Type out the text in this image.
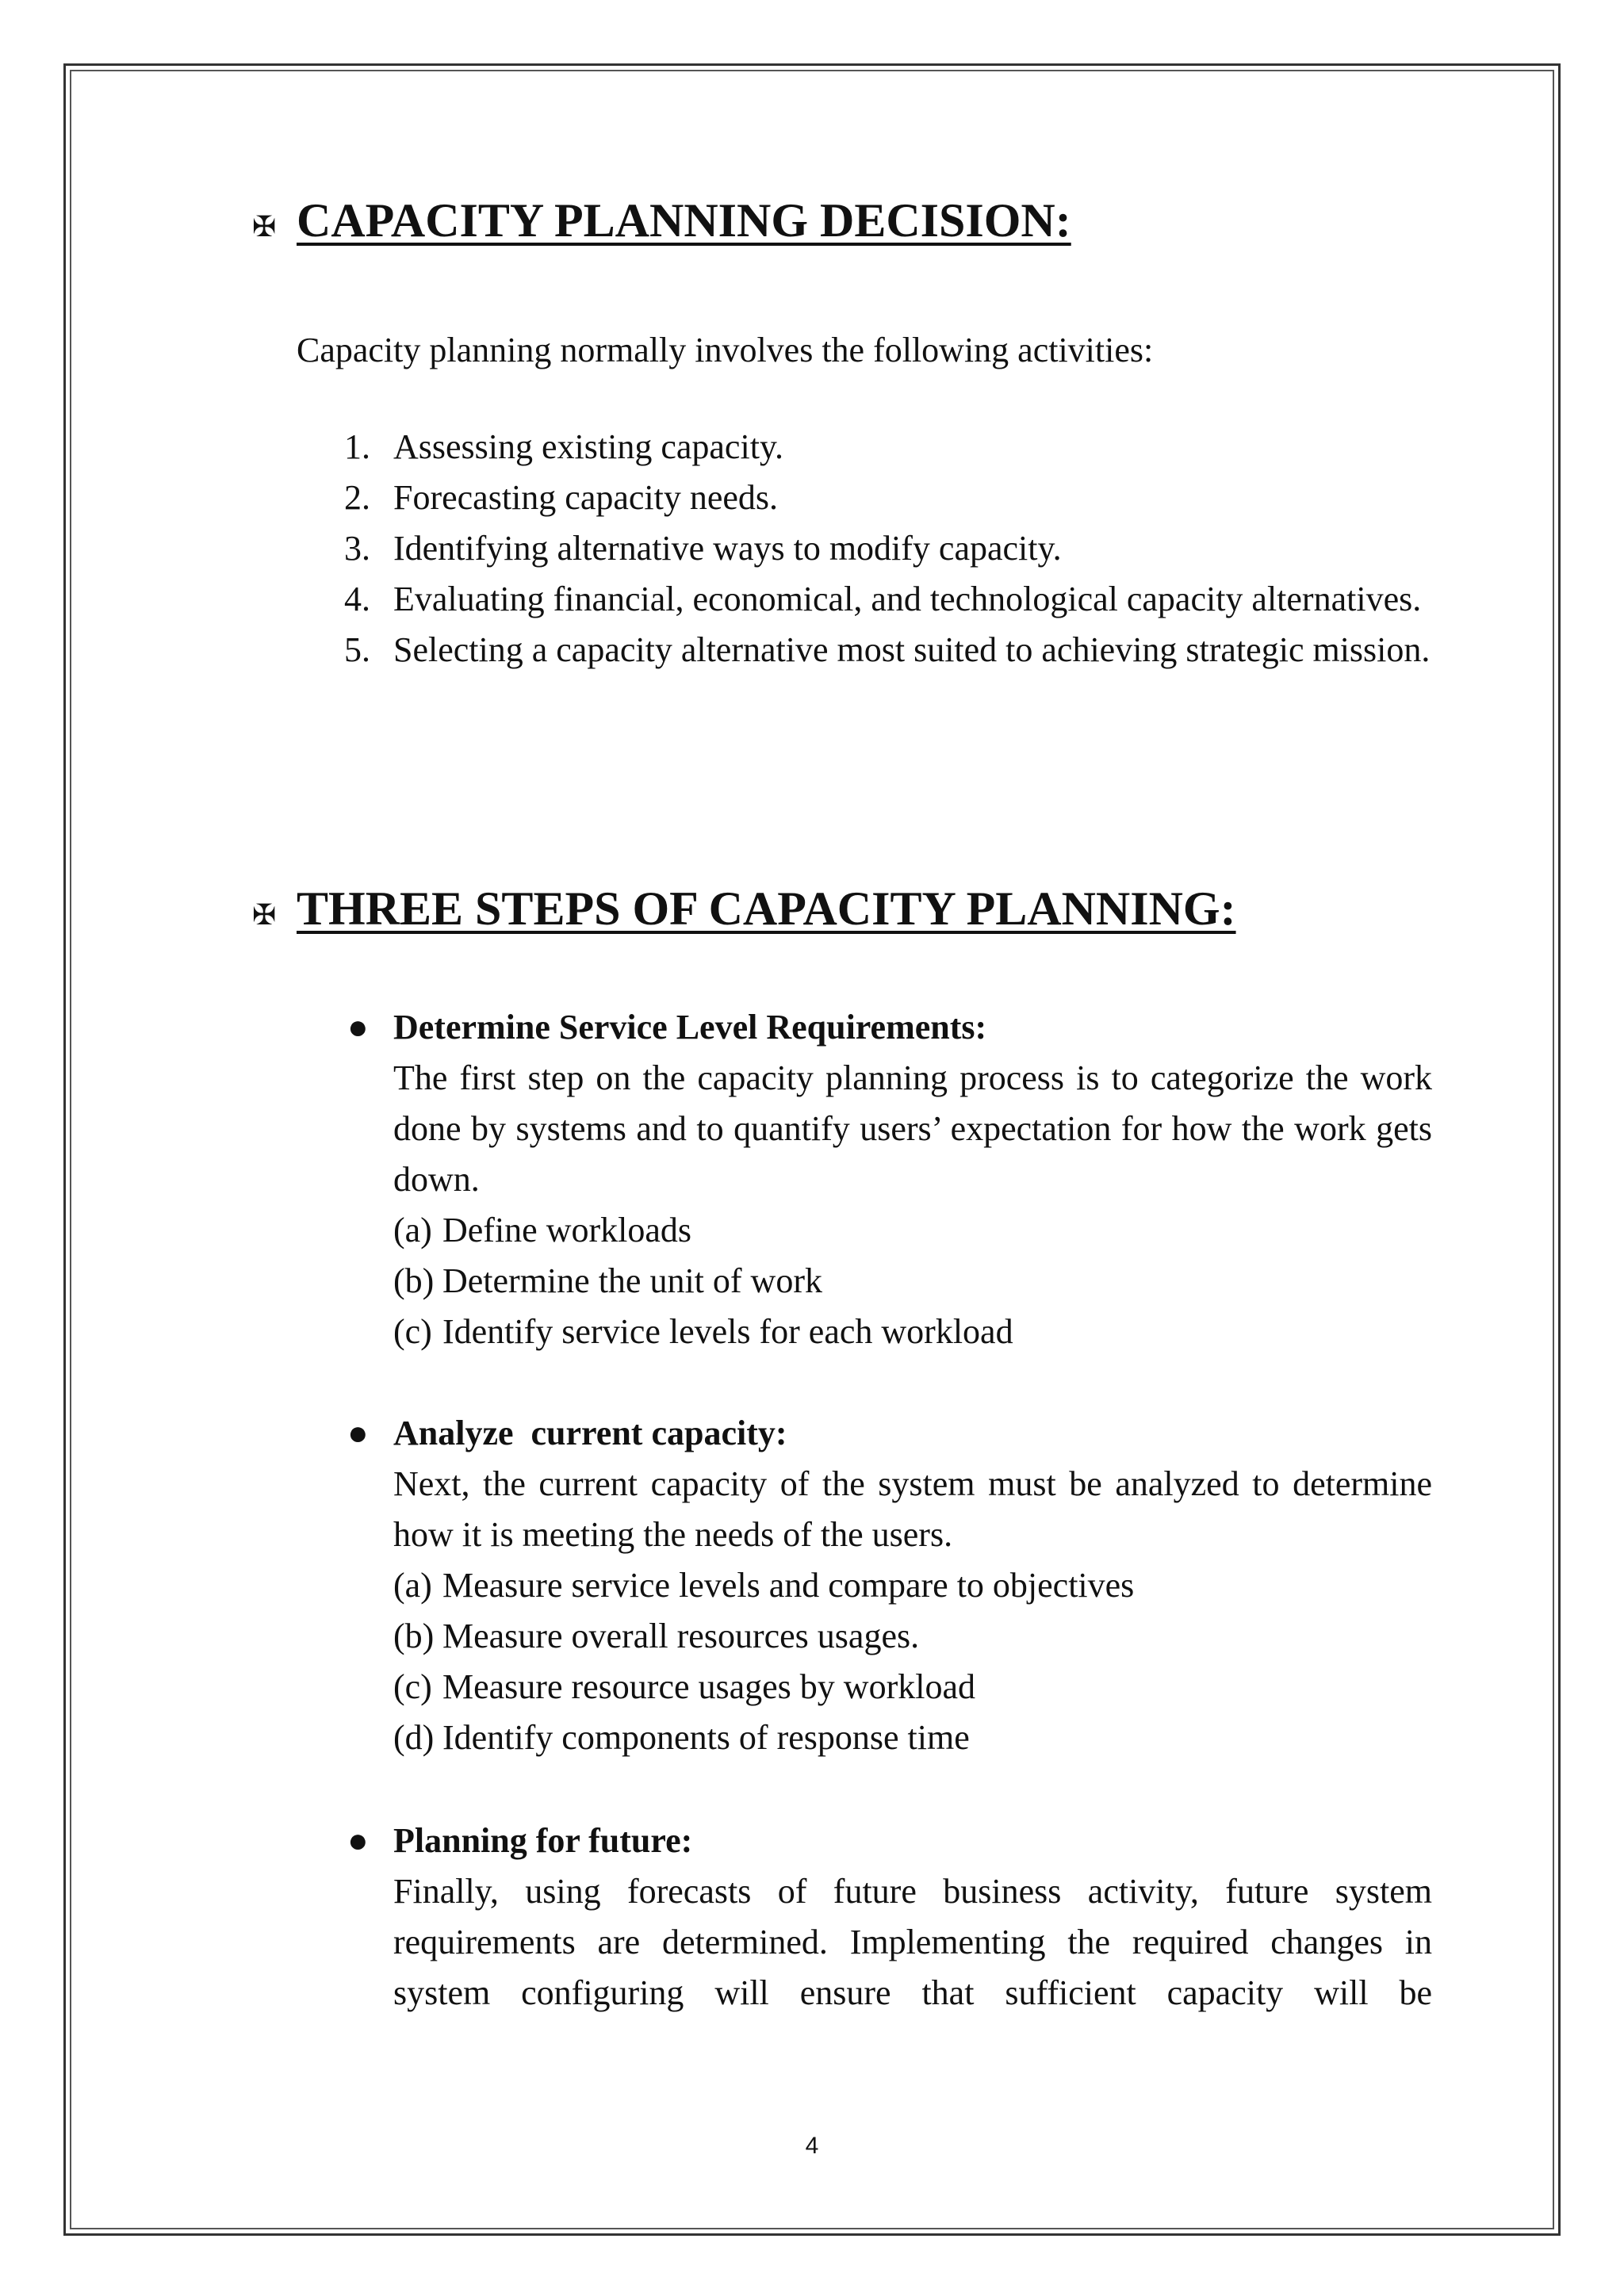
✠ CAPACITY PLANNING DECISION:
Capacity planning normally involves the following activities:
1. Assessing existing capacity.
2. Forecasting capacity needs.
3. Identifying alternative ways to modify capacity.
4. Evaluating financial, economical, and technological capacity alternatives.
5. Selecting a capacity alternative most suited to achieving strategic mission.
✠ THREE STEPS OF CAPACITY PLANNING:
● Determine Service Level Requirements:
The first step on the capacity planning process is to categorize the work done by systems and to quantify users’ expectation for how the work gets down.
(a) Define workloads
(b) Determine the unit of work
(c) Identify service levels for each workload
● Analyze  current capacity:
Next, the current capacity of the system must be analyzed to determine how it is meeting the needs of the users.
(a) Measure service levels and compare to objectives
(b) Measure overall resources usages.
(c) Measure resource usages by workload
(d) Identify components of response time
● Planning for future:
Finally, using forecasts of future business activity, future system requirements are determined. Implementing the required changes in system configuring will ensure that sufficient capacity will be
4
